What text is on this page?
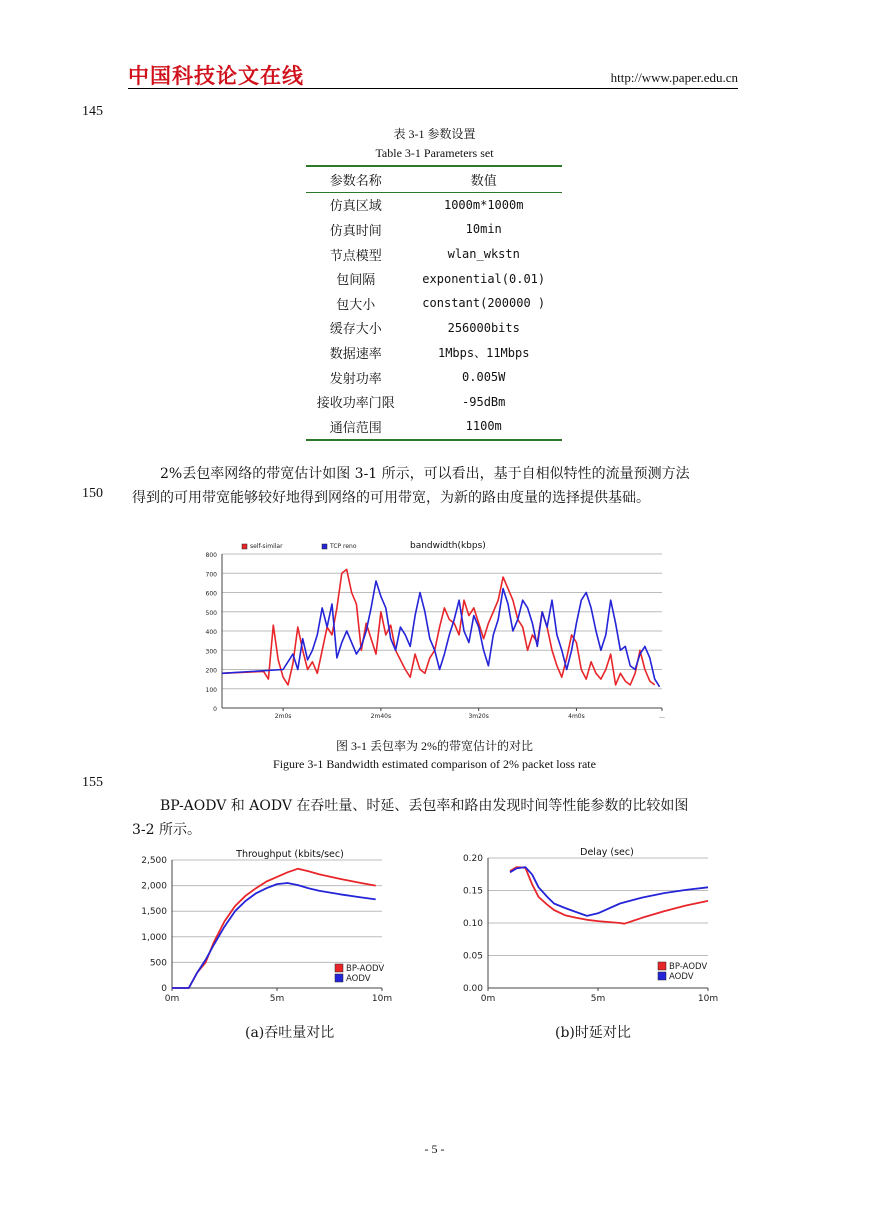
中国科技论文在线	http://www.paper.edu.cn
145
150
155
表 3-1 参数设置
Table 3-1 Parameters set
参数名称	数值
仿真区域	1000m*1000m
仿真时间	10min
节点模型	wlan_wkstn
包间隔	exponential(0.01)
包大小	constant(200000 )
缓存大小	256000bits
数据速率	1Mbps、11Mbps
发射功率	0.005W
接收功率门限	-95dBm
通信范围	1100m
2%丢包率网络的带宽估计如图 3-1 所示，可以看出，基于自相似特性的流量预测方法
得到的可用带宽能够较好地得到网络的可用带宽，为新的路由度量的选择提供基础。
0
100
200
300
400
500
600
700
800
2m0s	2m40s	3m20s	4m0s	...
bandwidth(kbps)
self-similar	TCP reno
图 3-1 丢包率为 2%的带宽估计的对比
Figure 3-1 Bandwidth estimated comparison of 2% packet loss rate
BP-AODV 和 AODV 在吞吐量、时延、丢包率和路由发现时间等性能参数的比较如图
3-2 所示。
0
500
1,000
1,500
2,000
2,500
0m	5m	10m
Throughput (kbits/sec)
BP-AODV
AODV
0.00
0.05
0.10
0.15
0.20
0m	5m	10m
Delay (sec)
BP-AODV
AODV
(a)吞吐量对比	(b)时延对比
- 5 -
